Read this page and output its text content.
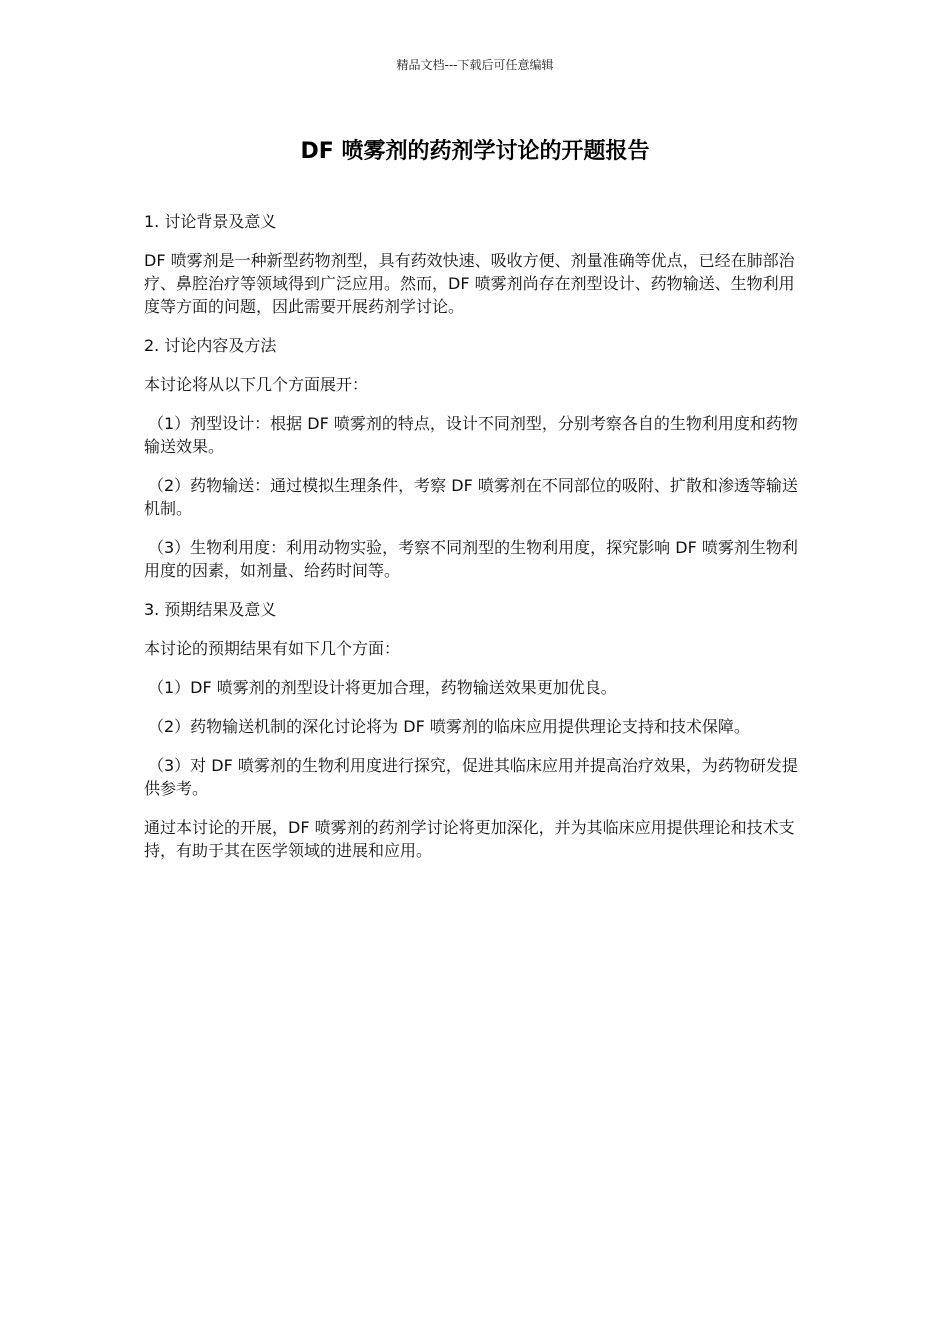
精品文档---下载后可任意编辑
DF 喷雾剂的药剂学讨论的开题报告

1. 讨论背景及意义

DF 喷雾剂是一种新型药物剂型，具有药效快速、吸收方便、剂量准确等优点，已经在肺部治疗、鼻腔治疗等领域得到广泛应用。然而，DF 喷雾剂尚存在剂型设计、药物输送、生物利用度等方面的问题，因此需要开展药剂学讨论。

2. 讨论内容及方法

本讨论将从以下几个方面展开：

（1）剂型设计：根据 DF 喷雾剂的特点，设计不同剂型，分别考察各自的生物利用度和药物输送效果。

（2）药物输送：通过模拟生理条件，考察 DF 喷雾剂在不同部位的吸附、扩散和渗透等输送机制。

（3）生物利用度：利用动物实验，考察不同剂型的生物利用度，探究影响 DF 喷雾剂生物利用度的因素，如剂量、给药时间等。

3. 预期结果及意义

本讨论的预期结果有如下几个方面：

（1）DF 喷雾剂的剂型设计将更加合理，药物输送效果更加优良。

（2）药物输送机制的深化讨论将为 DF 喷雾剂的临床应用提供理论支持和技术保障。

（3）对 DF 喷雾剂的生物利用度进行探究，促进其临床应用并提高治疗效果，为药物研发提供参考。

通过本讨论的开展，DF 喷雾剂的药剂学讨论将更加深化，并为其临床应用提供理论和技术支持，有助于其在医学领域的进展和应用。
